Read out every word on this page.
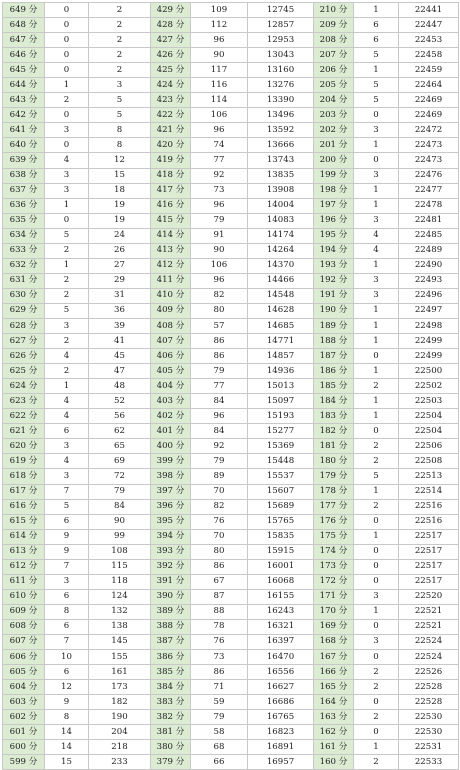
649 分	0	2	429 分	109	12745	210 分	1	22441
648 分	0	2	428 分	112	12857	209 分	6	22447
647 分	0	2	427 分	96	12953	208 分	6	22453
646 分	0	2	426 分	90	13043	207 分	5	22458
645 分	0	2	425 分	117	13160	206 分	1	22459
644 分	1	3	424 分	116	13276	205 分	5	22464
643 分	2	5	423 分	114	13390	204 分	5	22469
642 分	0	5	422 分	106	13496	203 分	0	22469
641 分	3	8	421 分	96	13592	202 分	3	22472
640 分	0	8	420 分	74	13666	201 分	1	22473
639 分	4	12	419 分	77	13743	200 分	0	22473
638 分	3	15	418 分	92	13835	199 分	3	22476
637 分	3	18	417 分	73	13908	198 分	1	22477
636 分	1	19	416 分	96	14004	197 分	1	22478
635 分	0	19	415 分	79	14083	196 分	3	22481
634 分	5	24	414 分	91	14174	195 分	4	22485
633 分	2	26	413 分	90	14264	194 分	4	22489
632 分	1	27	412 分	106	14370	193 分	1	22490
631 分	2	29	411 分	96	14466	192 分	3	22493
630 分	2	31	410 分	82	14548	191 分	3	22496
629 分	5	36	409 分	80	14628	190 分	1	22497
628 分	3	39	408 分	57	14685	189 分	1	22498
627 分	2	41	407 分	86	14771	188 分	1	22499
626 分	4	45	406 分	86	14857	187 分	0	22499
625 分	2	47	405 分	79	14936	186 分	1	22500
624 分	1	48	404 分	77	15013	185 分	2	22502
623 分	4	52	403 分	84	15097	184 分	1	22503
622 分	4	56	402 分	96	15193	183 分	1	22504
621 分	6	62	401 分	84	15277	182 分	0	22504
620 分	3	65	400 分	92	15369	181 分	2	22506
619 分	4	69	399 分	79	15448	180 分	2	22508
618 分	3	72	398 分	89	15537	179 分	5	22513
617 分	7	79	397 分	70	15607	178 分	1	22514
616 分	5	84	396 分	82	15689	177 分	2	22516
615 分	6	90	395 分	76	15765	176 分	0	22516
614 分	9	99	394 分	70	15835	175 分	1	22517
613 分	9	108	393 分	80	15915	174 分	0	22517
612 分	7	115	392 分	86	16001	173 分	0	22517
611 分	3	118	391 分	67	16068	172 分	0	22517
610 分	6	124	390 分	87	16155	171 分	3	22520
609 分	8	132	389 分	88	16243	170 分	1	22521
608 分	6	138	388 分	78	16321	169 分	0	22521
607 分	7	145	387 分	76	16397	168 分	3	22524
606 分	10	155	386 分	73	16470	167 分	0	22524
605 分	6	161	385 分	86	16556	166 分	2	22526
604 分	12	173	384 分	71	16627	165 分	2	22528
603 分	9	182	383 分	59	16686	164 分	0	22528
602 分	8	190	382 分	79	16765	163 分	2	22530
601 分	14	204	381 分	58	16823	162 分	0	22530
600 分	14	218	380 分	68	16891	161 分	1	22531
599 分	15	233	379 分	66	16957	160 分	2	22533
